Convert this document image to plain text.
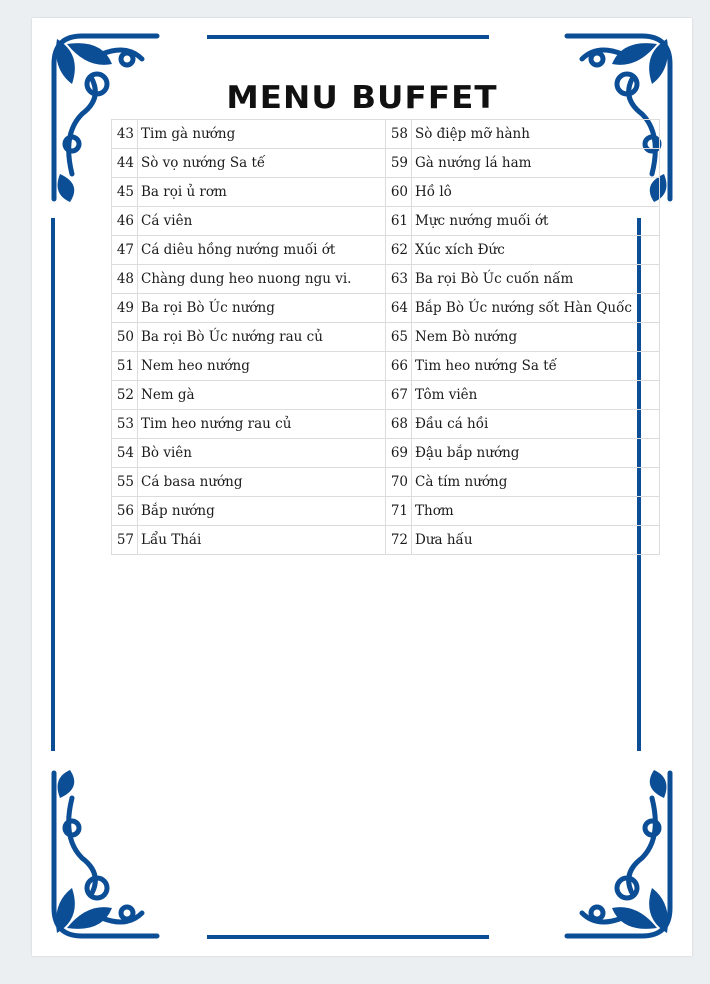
MENU BUFFET
43	Tim gà nướng	58	Sò điệp mỡ hành
44	Sò vọ nướng Sa tế	59	Gà nướng lá ham
45	Ba rọi ủ rơm	60	Hồ lô
46	Cá viên	61	Mực nướng muối ớt
47	Cá diêu hồng nướng muối ớt	62	Xúc xích Đức
48	Chàng dung heo nuong ngu vi.	63	Ba rọi Bò Úc cuốn nấm
49	Ba rọi Bò Úc nướng	64	Bắp Bò Úc nướng sốt Hàn Quốc
50	Ba rọi Bò Úc nướng rau củ	65	Nem Bò nướng
51	Nem heo nướng	66	Tim heo nướng Sa tế
52	Nem gà	67	Tôm viên
53	Tim heo nướng rau củ	68	Đầu cá hồi
54	Bò viên	69	Đậu bắp nướng
55	Cá basa nướng	70	Cà tím nướng
56	Bắp nướng	71	Thơm
57	Lẩu Thái	72	Dưa hấu
